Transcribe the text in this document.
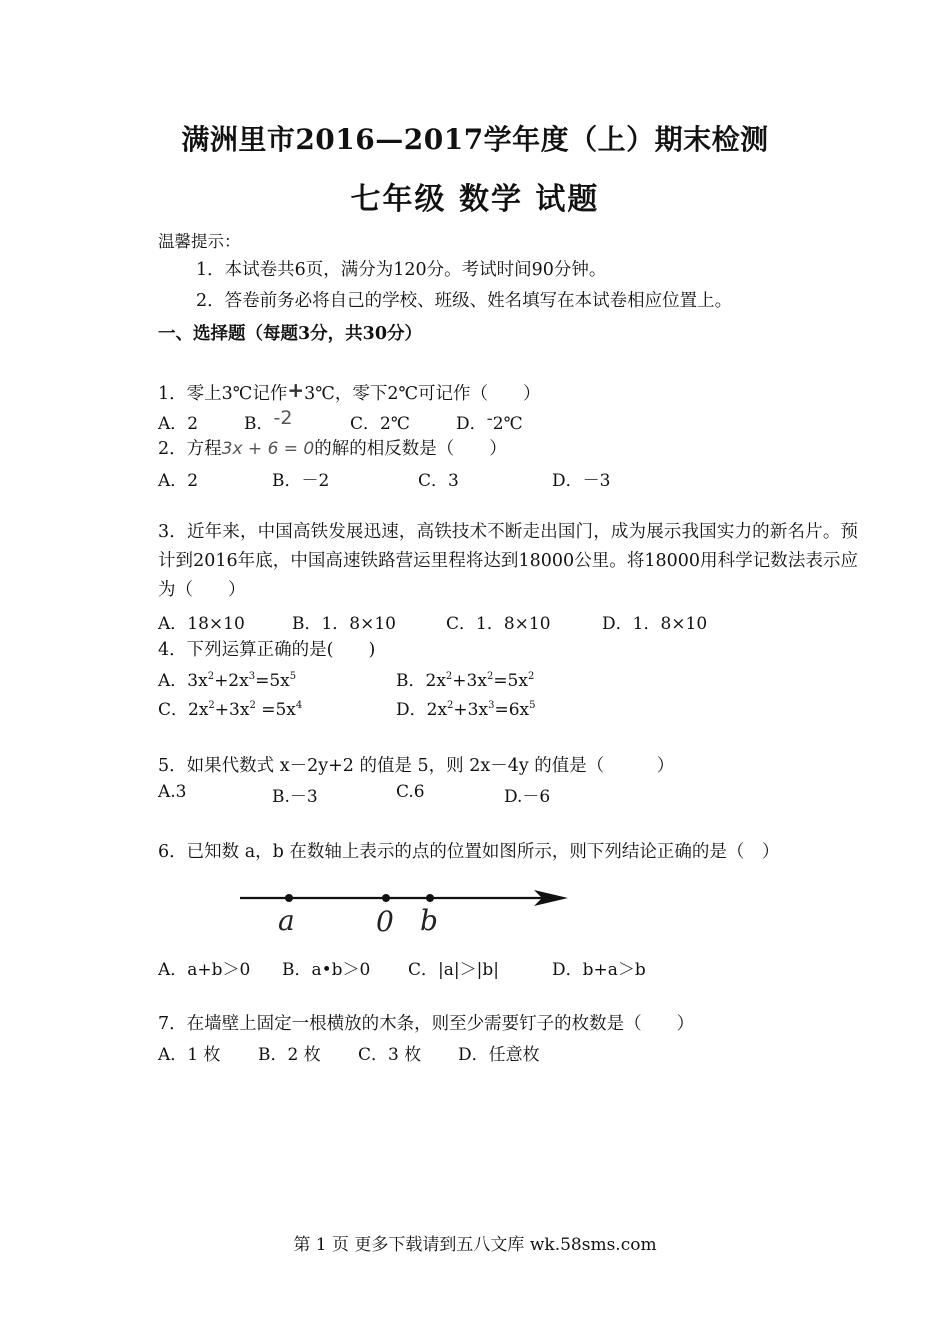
满洲里市2016—2017学年度（上）期末检测
七年级 数学 试题
温馨提示：
1．本试卷共6页，满分为120分。考试时间90分钟。
2．答卷前务必将自己的学校、班级、姓名填写在本试卷相应位置上。
一、选择题（每题3分，共30分）
1．零上3℃记作+3℃，零下2℃可记作（　　）
A．2	B．-2	C．2℃	D．-2℃
2．方程3x + 6 = 0的解的相反数是（　　）
A．2	B．－2	C．3	D．－3
3．近年来，中国高铁发展迅速，高铁技术不断走出国门，成为展示我国实力的新名片。预计到2016年底，中国高速铁路营运里程将达到18000公里。将18000用科学记数法表示应为（　　）
A．18×10	B．1．8×10	C．1．8×10	D．1．8×10
4．下列运算正确的是(　　)
A．$3x^2+2x^3=5x^5$	B．$2x^2+3x^2=5x^2$
C．$2x^2+3x^2 =5x^4$	D．$2x^2+3x^3=6x^5$
5．如果代数式 x－2y+2 的值是 5，则 2x－4y 的值是（　　　）
A.3	B.－3	C.6	D.－6
6．已知数 a，b 在数轴上表示的点的位置如图所示，则下列结论正确的是（　）
a	0 b
A．a+b＞0 B．a•b＞0 C．|a|＞|b|	D．b+a＞b
7．在墙壁上固定一根横放的木条，则至少需要钉子的枚数是（　　）
A．1 枚 B．2 枚 C．3 枚 D．任意枚
第 1 页 更多下载请到五八文库 wk.58sms.com
